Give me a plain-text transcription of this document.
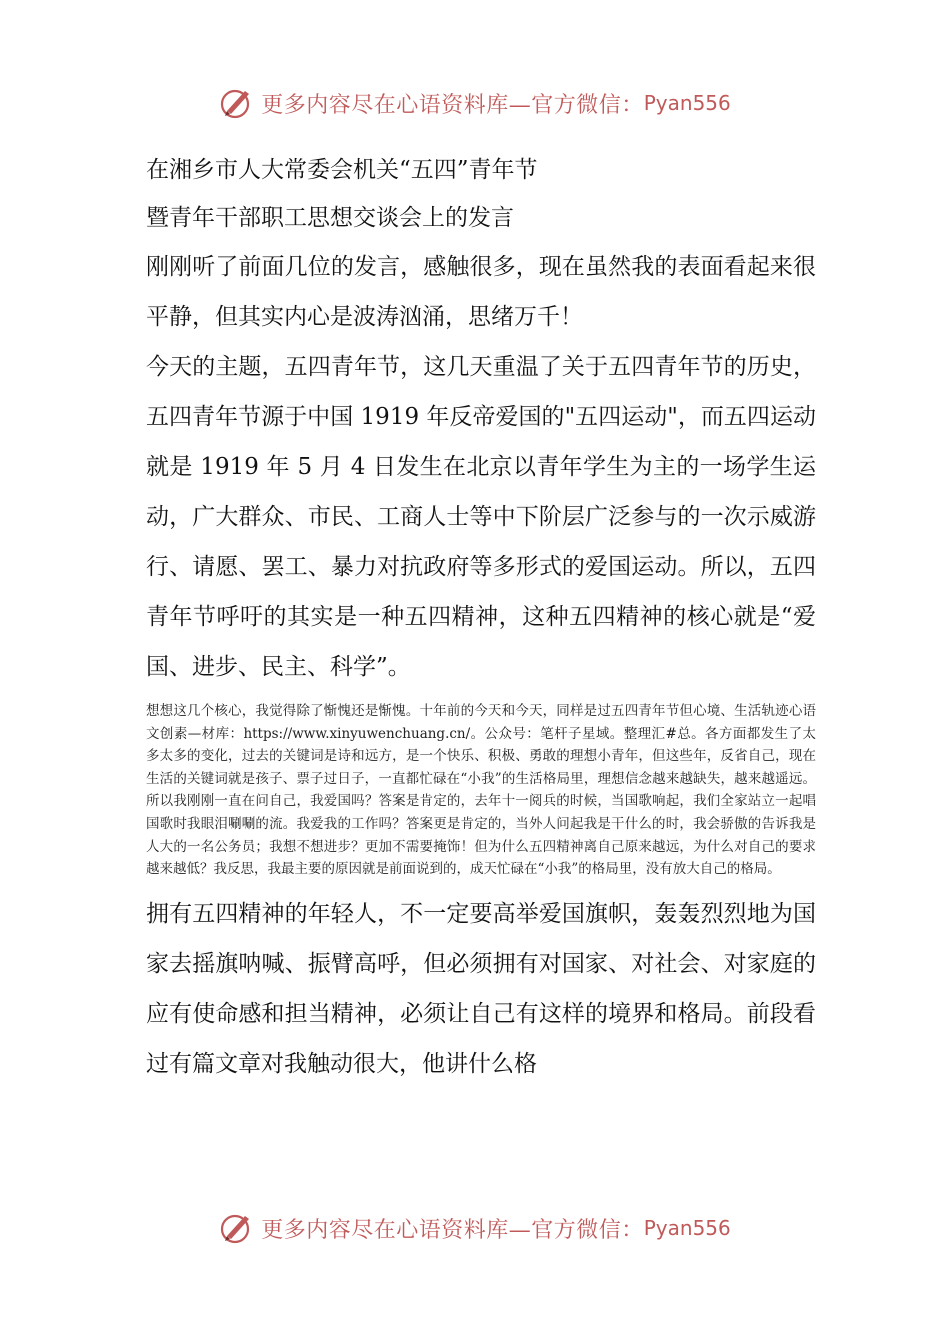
更多内容尽在心语资料库—官方微信： Pyan556

在湘乡市人大常委会机关“五四”青年节

暨青年干部职工思想交谈会上的发言

刚刚听了前面几位的发言，感触很多，现在虽然我的表面看起来很平静，但其实内心是波涛汹涌，思绪万千！

今天的主题，五四青年节，这几天重温了关于五四青年节的历史，五四青年节源于中国 1919 年反帝爱国的"五四运动"，而五四运动就是 1919 年 5 月 4 日发生在北京以青年学生为主的一场学生运动，广大群众、市民、工商人士等中下阶层广泛参与的一次示威游行、请愿、罢工、暴力对抗政府等多形式的爱国运动。所以，五四青年节呼吁的其实是一种五四精神，这种五四精神的核心就是“爱国、进步、民主、科学”。

想想这几个核心，我觉得除了惭愧还是惭愧。十年前的今天和今天，同样是过五四青年节但心境、生活轨迹心语文创素—材库：https://www.xinyuwenchuang.cn/。公众号：笔杆子星域。整理汇#总。各方面都发生了太多太多的变化，过去的关键词是诗和远方，是一个快乐、积极、勇敢的理想小青年，但这些年，反省自己，现在生活的关键词就是孩子、票子过日子，一直都忙碌在“小我”的生活格局里，理想信念越来越缺失，越来越遥远。所以我刚刚一直在问自己，我爱国吗？答案是肯定的，去年十一阅兵的时候，当国歌响起，我们全家站立一起唱国歌时我眼泪唰唰的流。我爱我的工作吗？答案更是肯定的，当外人问起我是干什么的时，我会骄傲的告诉我是人大的一名公务员；我想不想进步？更加不需要掩饰！但为什么五四精神离自己原来越远，为什么对自己的要求越来越低？我反思，我最主要的原因就是前面说到的，成天忙碌在“小我”的格局里，没有放大自己的格局。

拥有五四精神的年轻人，不一定要高举爱国旗帜，轰轰烈烈地为国家去摇旗呐喊、振臂高呼，但必须拥有对国家、对社会、对家庭的应有使命感和担当精神，必须让自己有这样的境界和格局。前段看过有篇文章对我触动很大，他讲什么格

更多内容尽在心语资料库—官方微信： Pyan556
